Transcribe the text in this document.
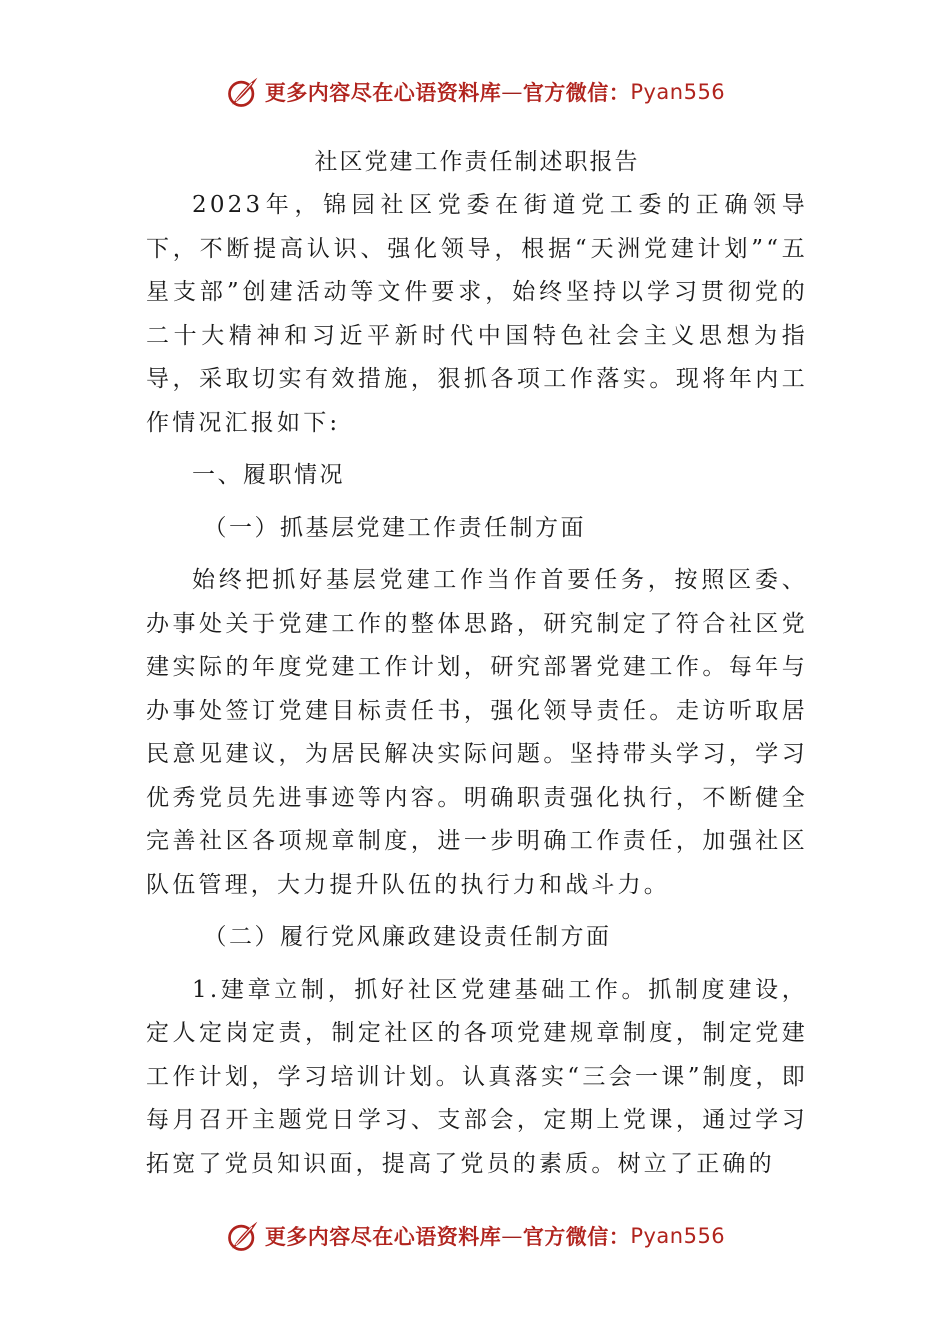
更多内容尽在心语资料库 — 官方微信： Pyan556
社区党建工作责任制述职报告

2023年，锦园社区党委在街道党工委的正确领导下，不断提高认识、强化领导，根据“天洲党建计划”“五星支部”创建活动等文件要求，始终坚持以学习贯彻党的二十大精神和习近平新时代中国特色社会主义思想为指导，采取切实有效措施，狠抓各项工作落实。现将年内工作情况汇报如下:

一、履职情况

（一）抓基层党建工作责任制方面

始终把抓好基层党建工作当作首要任务，按照区委、办事处关于党建工作的整体思路，研究制定了符合社区党建实际的年度党建工作计划，研究部署党建工作。每年与办事处签订党建目标责任书，强化领导责任。走访听取居民意见建议，为居民解决实际问题。坚持带头学习，学习优秀党员先进事迹等内容。明确职责强化执行，不断健全完善社区各项规章制度，进一步明确工作责任，加强社区队伍管理，大力提升队伍的执行力和战斗力。

（二）履行党风廉政建设责任制方面

1.建章立制，抓好社区党建基础工作。抓制度建设，定人定岗定责，制定社区的各项党建规章制度，制定党建工作计划，学习培训计划。认真落实“三会一课”制度，即每月召开主题党日学习、支部会，定期上党课，通过学习拓宽了党员知识面，提高了党员的素质。树立了正确的

更多内容尽在心语资料库 — 官方微信： Pyan556
